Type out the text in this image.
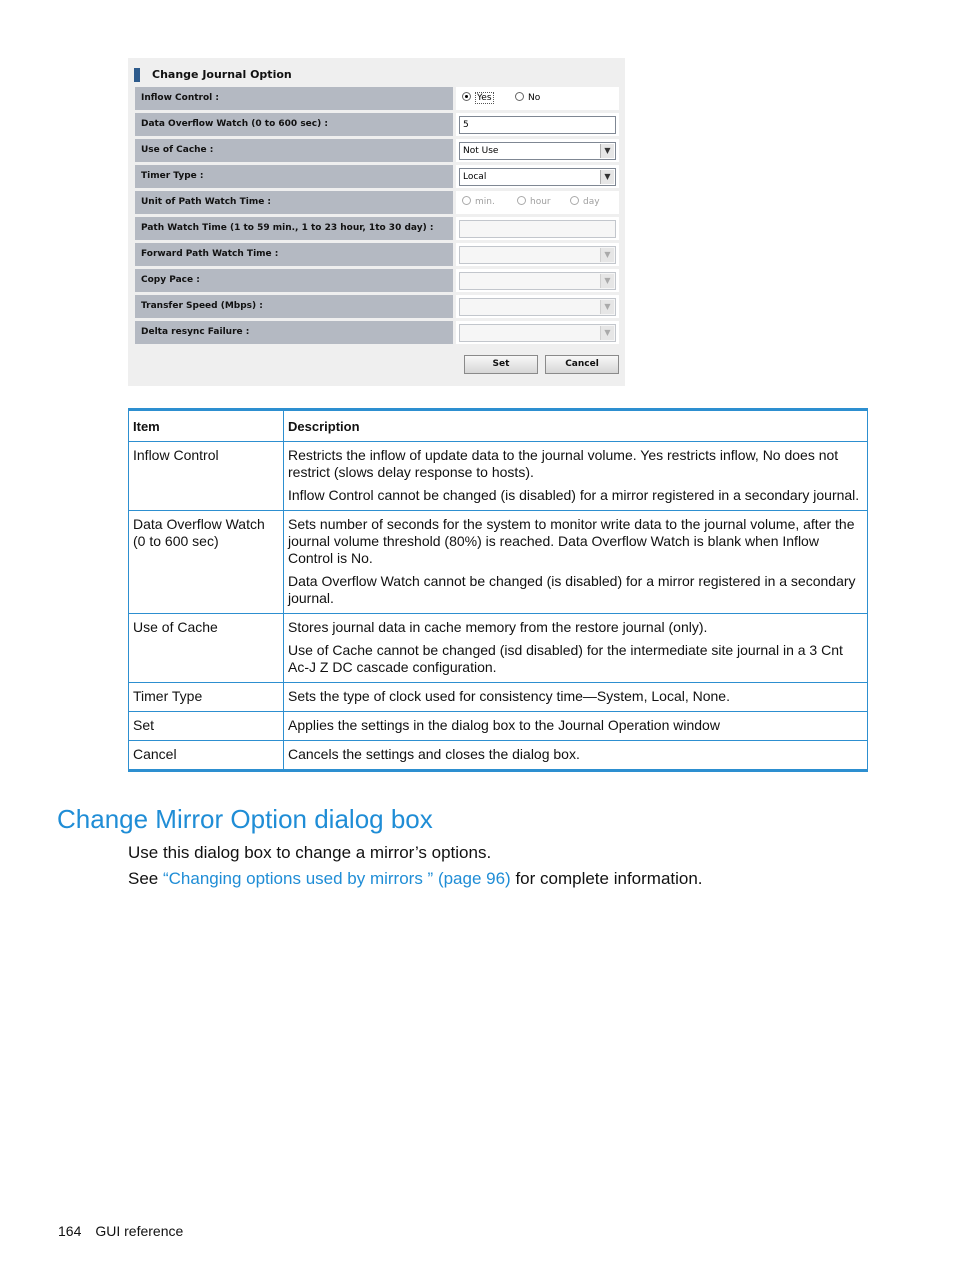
Change Journal Option
Inflow Control :	Yes	No
Data Overflow Watch (0 to 600 sec) :	5
Use of Cache :	Not Use	▼
Timer Type :	Local	▼
Unit of Path Watch Time :	min.	hour	day
Path Watch Time (1 to 59 min., 1 to 23 hour, 1to 30 day) :
Forward Path Watch Time :	▼
Copy Pace :	▼
Transfer Speed (Mbps) :	▼
Delta resync Failure :	▼
Set	Cancel
Item	Description
Inflow Control	Restricts the inflow of update data to the journal volume. Yes restricts inflow, No does not restrict (slows delay response to hosts).
Inflow Control cannot be changed (is disabled) for a mirror registered in a secondary journal.

Data Overflow Watch (0 to 600 sec)	Sets number of seconds for the system to monitor write data to the journal volume, after the journal volume threshold (80%) is reached. Data Overflow Watch is blank when Inflow Control is No.
Data Overflow Watch cannot be changed (is disabled) for a mirror registered in a secondary journal.

Use of Cache	Stores journal data in cache memory from the restore journal (only).
Use of Cache cannot be changed (isd disabled) for the intermediate site journal in a 3 Cnt Ac-J Z DC cascade configuration.

Timer Type	Sets the type of clock used for consistency time—System, Local, None.

Set	Applies the settings in the dialog box to the Journal Operation window

Cancel	Cancels the settings and closes the dialog box.
Change Mirror Option dialog box
Use this dialog box to change a mirror’s options.
See “Changing options used by mirrors ” (page 96) for complete information.
164 GUI reference
